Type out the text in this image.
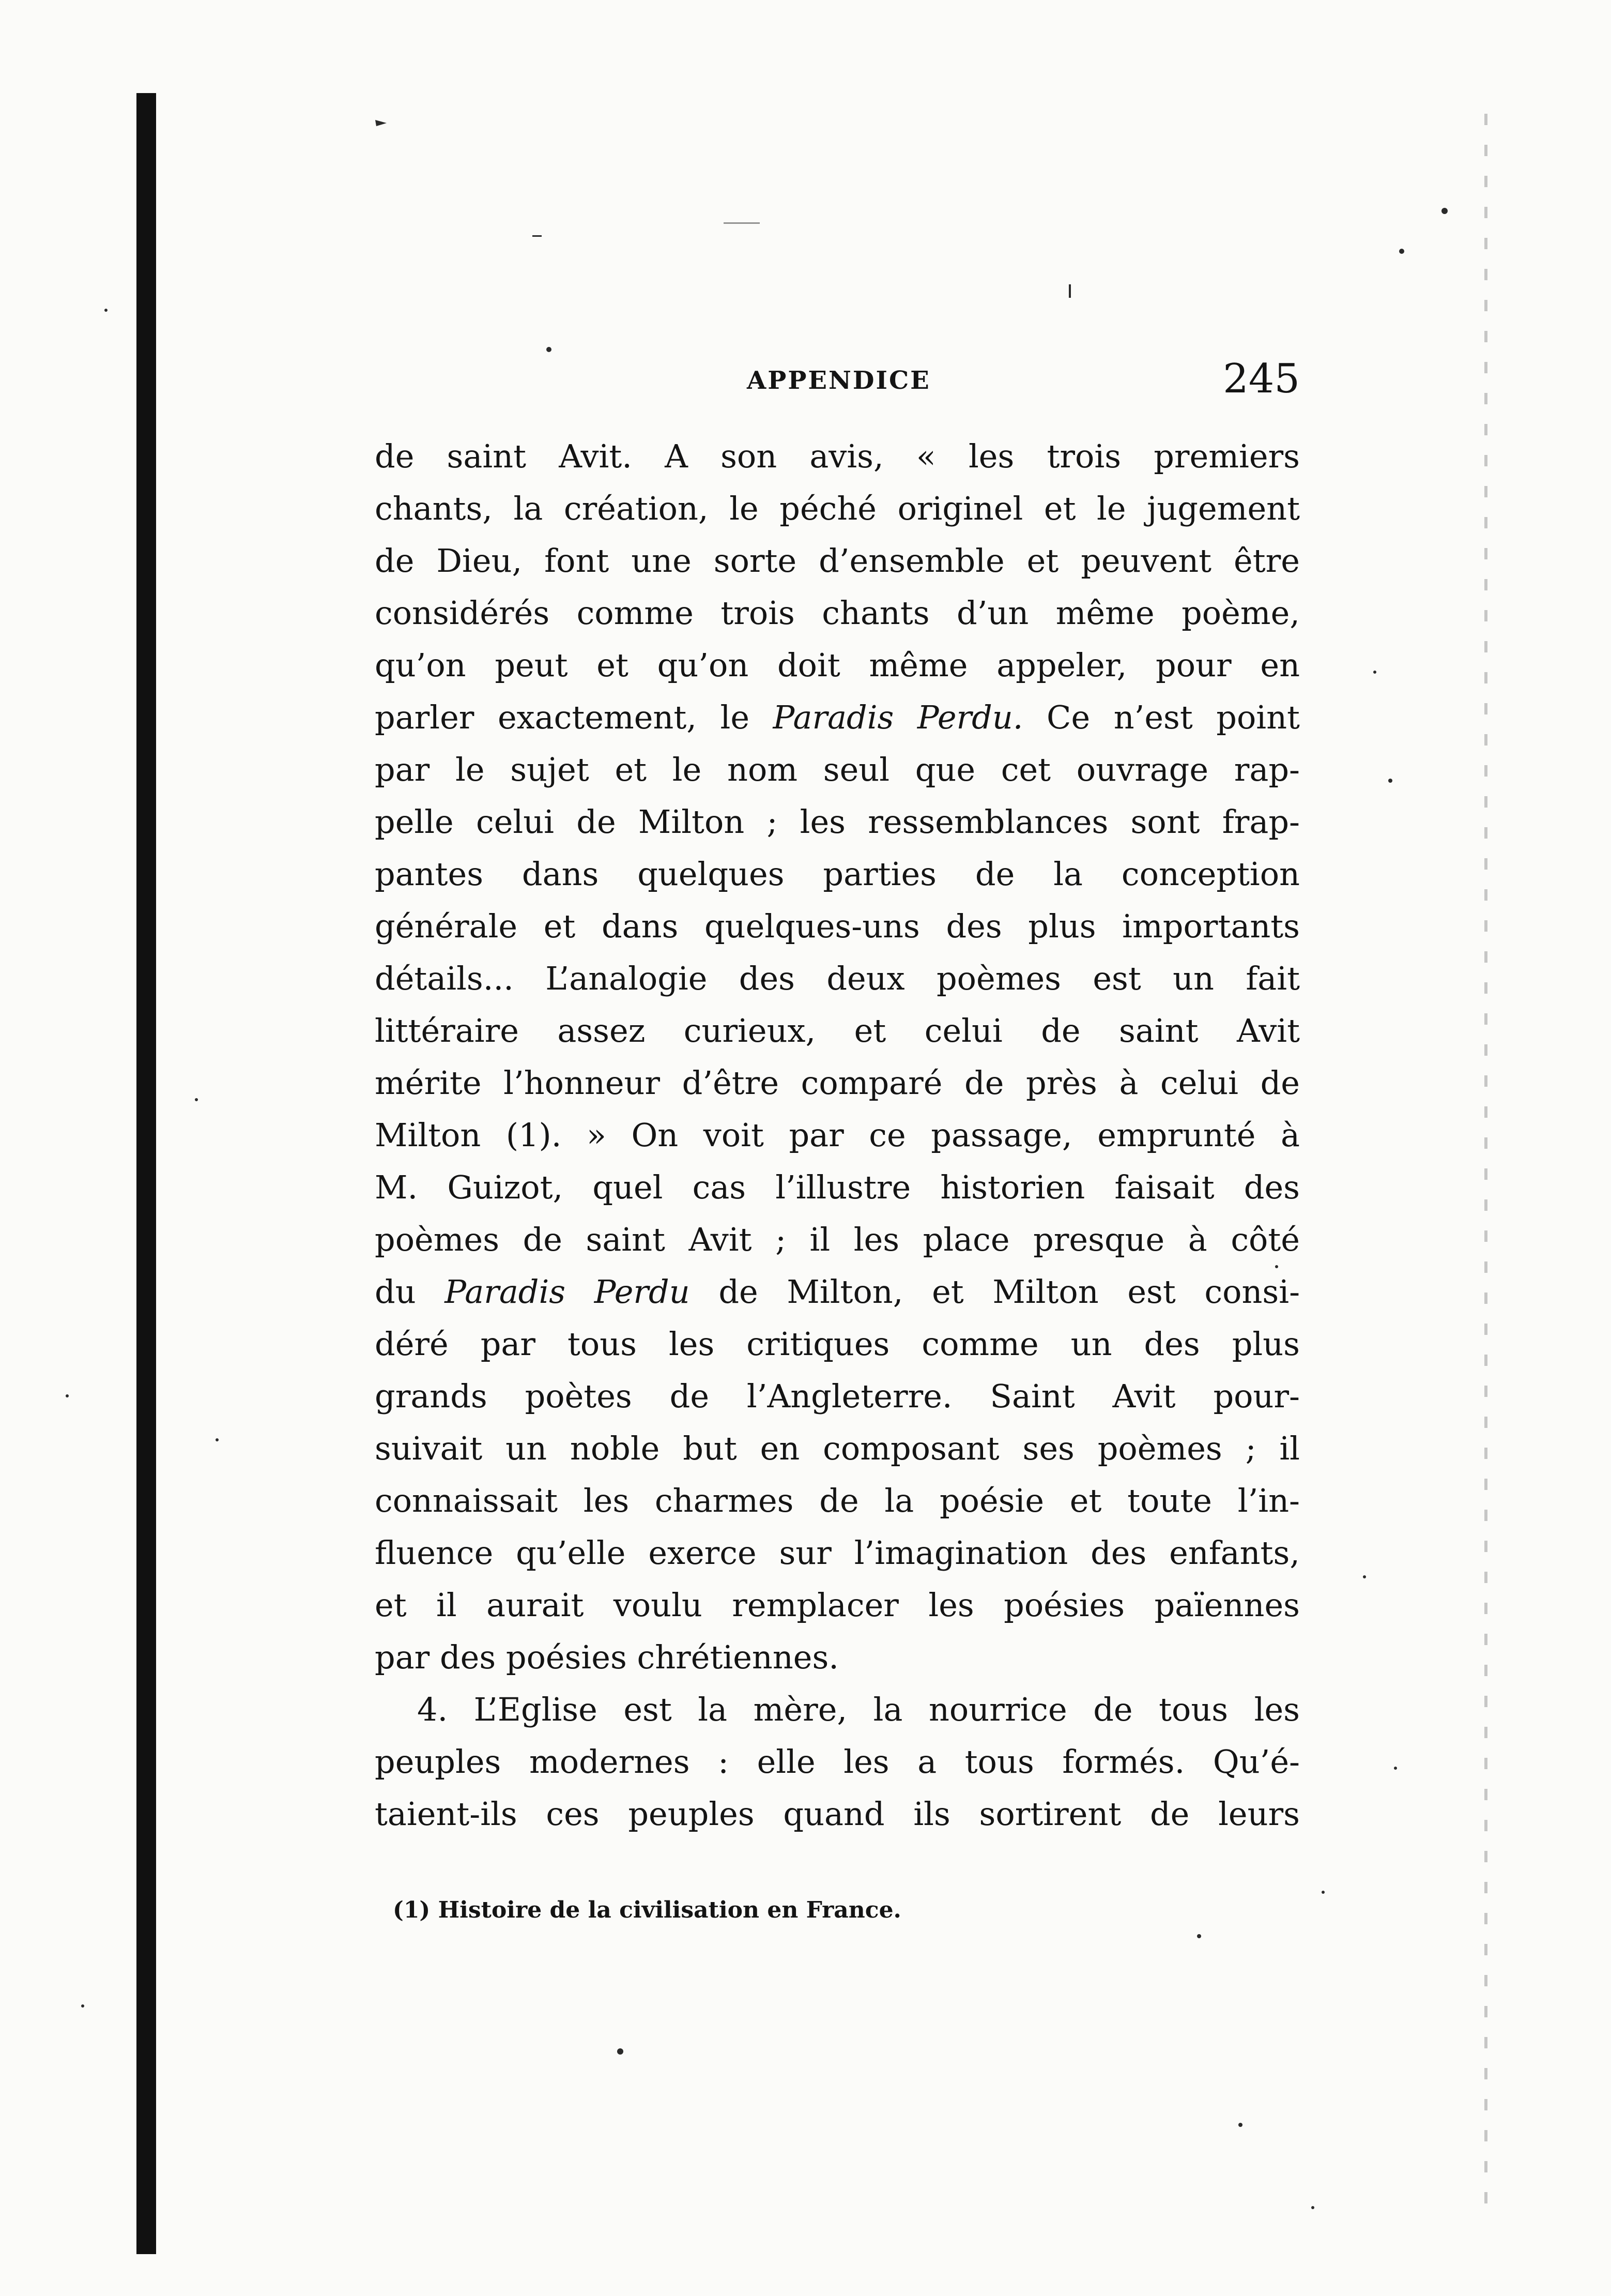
APPENDICE	245
de saint Avit. A son avis, « les trois premiers
chants, la création, le péché originel et le jugement
de Dieu, font une sorte d’ensemble et peuvent être
considérés comme trois chants d’un même poème,
qu’on peut et qu’on doit même appeler, pour en
parler exactement, le Paradis Perdu. Ce n’est point
par le sujet et le nom seul que cet ouvrage rap-
pelle celui de Milton ; les ressemblances sont frap-
pantes dans quelques parties de la conception
générale et dans quelques-uns des plus importants
détails... L’analogie des deux poèmes est un fait
littéraire assez curieux, et celui de saint Avit
mérite l’honneur d’être comparé de près à celui de
Milton (1). » On voit par ce passage, emprunté à
M. Guizot, quel cas l’illustre historien faisait des
poèmes de saint Avit ; il les place presque à côté
du Paradis Perdu de Milton, et Milton est consi-
déré par tous les critiques comme un des plus
grands poètes de l’Angleterre. Saint Avit pour-
suivait un noble but en composant ses poèmes ; il
connaissait les charmes de la poésie et toute l’in-
fluence qu’elle exerce sur l’imagination des enfants,
et il aurait voulu remplacer les poésies païennes
par des poésies chrétiennes.
4. L’Eglise est la mère, la nourrice de tous les
peuples modernes : elle les a tous formés. Qu’é-
taient-ils ces peuples quand ils sortirent de leurs
(1) Histoire de la civilisation en France.
